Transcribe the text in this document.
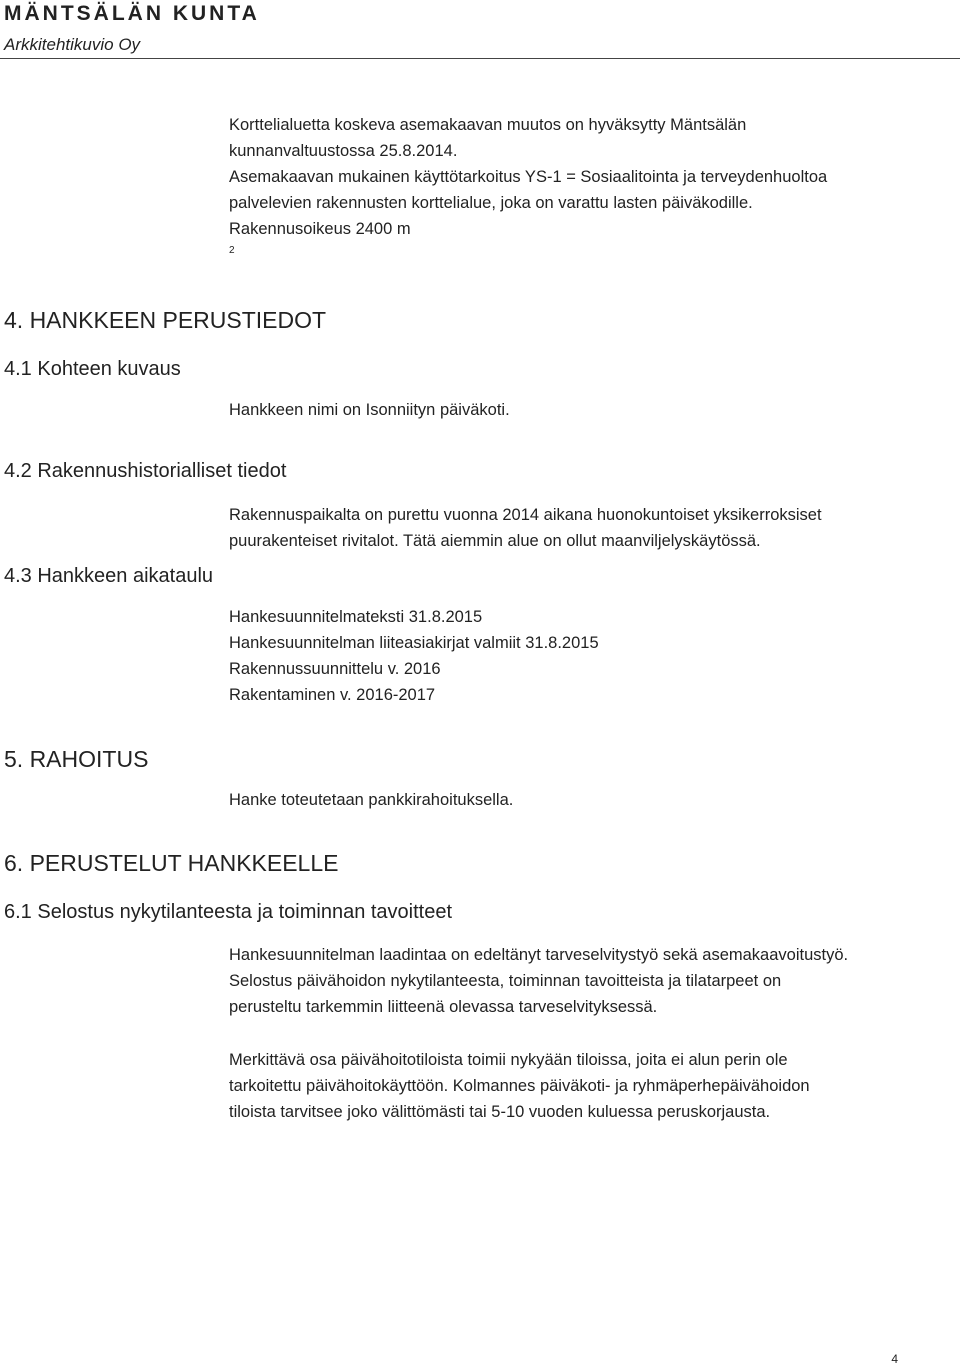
MÄNTSÄLÄN KUNTA
Arkkitehtikuvio Oy
Korttelialuetta koskeva asemakaavan muutos on hyväksytty Mäntsälän
kunnanvaltuustossa 25.8.2014.
Asemakaavan mukainen käyttötarkoitus YS-1 = Sosiaalitointa ja terveydenhuoltoa
palvelevien rakennusten korttelialue, joka on varattu lasten päiväkodille.
Rakennusoikeus 2400 m
$^2$
4. HANKKEEN PERUSTIEDOT
4.1 Kohteen kuvaus
Hankkeen nimi on Isonniityn päiväkoti.
4.2 Rakennushistorialliset tiedot
Rakennuspaikalta on purettu vuonna 2014 aikana huonokuntoiset yksikerroksiset
puurakenteiset rivitalot. Tätä aiemmin alue on ollut maanviljelyskäytössä.
4.3 Hankkeen aikataulu
Hankesuunnitelmateksti 31.8.2015
Hankesuunnitelman liiteasiakirjat valmiit 31.8.2015
Rakennussuunnittelu v. 2016
Rakentaminen v. 2016-2017
5. RAHOITUS
Hanke toteutetaan pankkirahoituksella.
6. PERUSTELUT HANKKEELLE
6.1 Selostus nykytilanteesta ja toiminnan tavoitteet
Hankesuunnitelman laadintaa on edeltänyt tarveselvitystyö sekä asemakaavoitustyö.
Selostus päivähoidon nykytilanteesta, toiminnan tavoitteista ja tilatarpeet on
perusteltu tarkemmin liitteenä olevassa tarveselvityksessä.
Merkittävä osa päivähoitotiloista toimii nykyään tiloissa, joita ei alun perin ole
tarkoitettu päivähoitokäyttöön. Kolmannes päiväkoti- ja ryhmäperhepäivähoidon
tiloista tarvitsee joko välittömästi tai 5-10 vuoden kuluessa peruskorjausta.
4
